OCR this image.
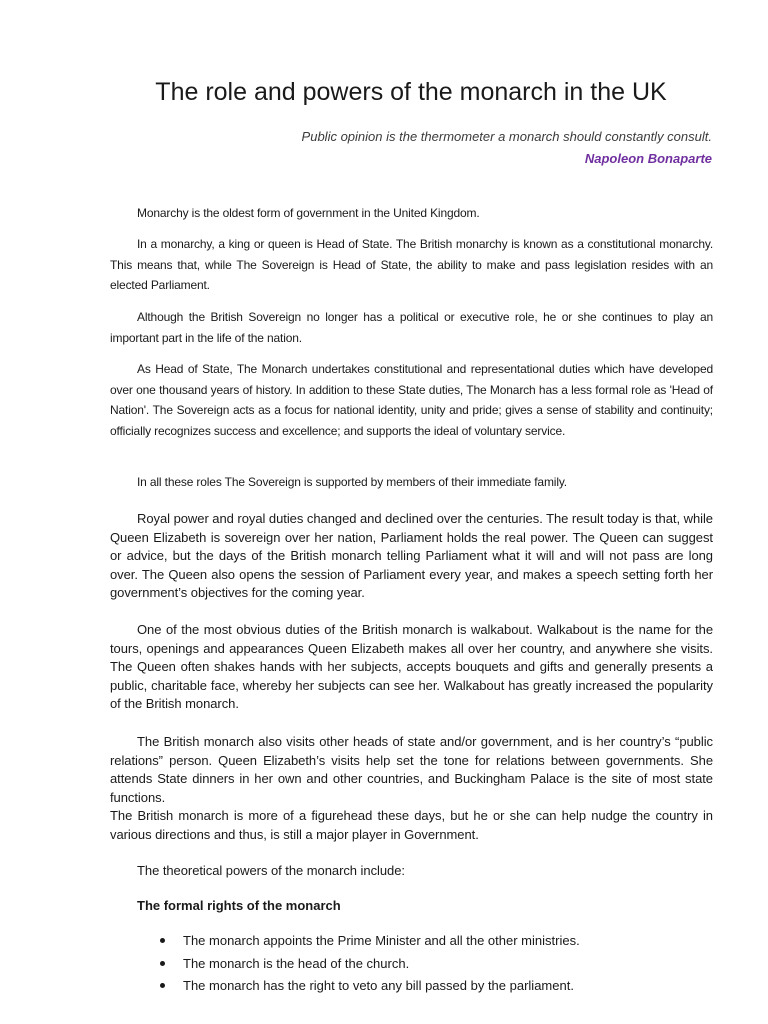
The role and powers of the monarch in the UK
Public opinion is the thermometer a monarch should constantly consult.
Napoleon Bonaparte

Monarchy is the oldest form of government in the United Kingdom.

In a monarchy, a king or queen is Head of State. The British monarchy is known as a constitutional monarchy. This means that, while The Sovereign is Head of State, the ability to make and pass legislation resides with an elected Parliament.

Although the British Sovereign no longer has a political or executive role, he or she continues to play an important part in the life of the nation.

As Head of State, The Monarch undertakes constitutional and representational duties which have developed over one thousand years of history. In addition to these State duties, The Monarch has a less formal role as 'Head of Nation'. The Sovereign acts as a focus for national identity, unity and pride; gives a sense of stability and continuity; officially recognizes success and excellence; and supports the ideal of voluntary service.

In all these roles The Sovereign is supported by members of their immediate family.

Royal power and royal duties changed and declined over the centuries. The result today is that, while Queen Elizabeth is sovereign over her nation, Parliament holds the real power. The Queen can suggest or advice, but the days of the British monarch telling Parliament what it will and will not pass are long over. The Queen also opens the session of Parliament every year, and makes a speech setting forth her government’s objectives for the coming year.

One of the most obvious duties of the British monarch is walkabout. Walkabout is the name for the tours, openings and appearances Queen Elizabeth makes all over her country, and anywhere she visits. The Queen often shakes hands with her subjects, accepts bouquets and gifts and generally presents a public, charitable face, whereby her subjects can see her. Walkabout has greatly increased the popularity of the British monarch.

The British monarch also visits other heads of state and/or government, and is her country’s “public relations” person. Queen Elizabeth’s visits help set the tone for relations between governments. She attends State dinners in her own and other countries, and Buckingham Palace is the site of most state functions.

The British monarch is more of a figurehead these days, but he or she can help nudge the country in various directions and thus, is still a major player in Government.

The theoretical powers of the monarch include:

The formal rights of the monarch

The monarch appoints the Prime Minister and all the other ministries.
The monarch is the head of the church.
The monarch has the right to veto any bill passed by the parliament.
